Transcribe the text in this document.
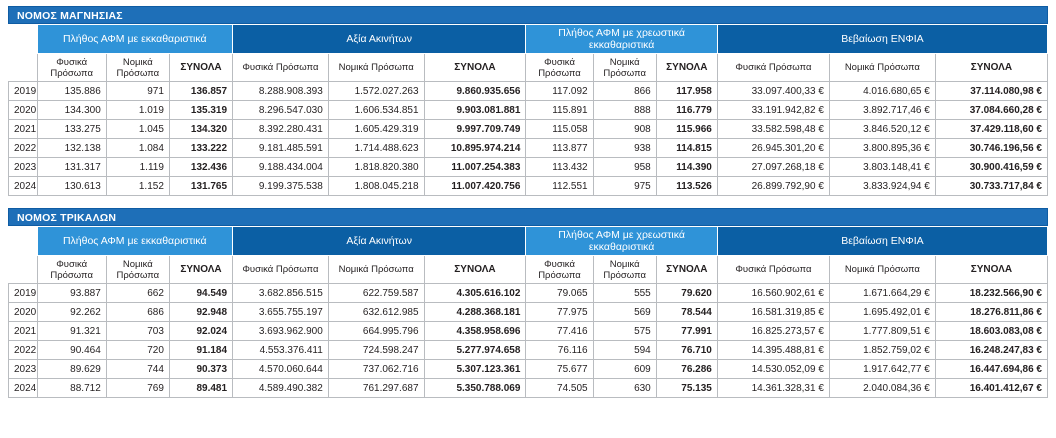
ΝΟΜΟΣ ΜΑΓΝΗΣΙΑΣ
	Πλήθος ΑΦΜ με εκκαθαριστικά			Αξία Ακινήτων			Πλήθος ΑΦΜ με χρεωστικά εκκαθαριστικά			Βεβαίωση ΕΝΦΙΑ		
	Φυσικά Πρόσωπα	Νομικά Πρόσωπα	ΣΥΝΟΛΑ	Φυσικά Πρόσωπα	Νομικά Πρόσωπα	ΣΥΝΟΛΑ	Φυσικά Πρόσωπα	Νομικά Πρόσωπα	ΣΥΝΟΛΑ	Φυσικά Πρόσωπα	Νομικά Πρόσωπα	ΣΥΝΟΛΑ
2019	135.886	971	136.857	8.288.908.393	1.572.027.263	9.860.935.656	117.092	866	117.958	33.097.400,33 €	4.016.680,65 €	37.114.080,98 €
2020	134.300	1.019	135.319	8.296.547.030	1.606.534.851	9.903.081.881	115.891	888	116.779	33.191.942,82 €	3.892.717,46 €	37.084.660,28 €
2021	133.275	1.045	134.320	8.392.280.431	1.605.429.319	9.997.709.749	115.058	908	115.966	33.582.598,48 €	3.846.520,12 €	37.429.118,60 €
2022	132.138	1.084	133.222	9.181.485.591	1.714.488.623	10.895.974.214	113.877	938	114.815	26.945.301,20 €	3.800.895,36 €	30.746.196,56 €
2023	131.317	1.119	132.436	9.188.434.004	1.818.820.380	11.007.254.383	113.432	958	114.390	27.097.268,18 €	3.803.148,41 €	30.900.416,59 €
2024	130.613	1.152	131.765	9.199.375.538	1.808.045.218	11.007.420.756	112.551	975	113.526	26.899.792,90 €	3.833.924,94 €	30.733.717,84 €
ΝΟΜΟΣ ΤΡΙΚΑΛΩΝ
	Πλήθος ΑΦΜ με εκκαθαριστικά			Αξία Ακινήτων			Πλήθος ΑΦΜ με χρεωστικά εκκαθαριστικά			Βεβαίωση ΕΝΦΙΑ		
	Φυσικά Πρόσωπα	Νομικά Πρόσωπα	ΣΥΝΟΛΑ	Φυσικά Πρόσωπα	Νομικά Πρόσωπα	ΣΥΝΟΛΑ	Φυσικά Πρόσωπα	Νομικά Πρόσωπα	ΣΥΝΟΛΑ	Φυσικά Πρόσωπα	Νομικά Πρόσωπα	ΣΥΝΟΛΑ
2019	93.887	662	94.549	3.682.856.515	622.759.587	4.305.616.102	79.065	555	79.620	16.560.902,61 €	1.671.664,29 €	18.232.566,90 €
2020	92.262	686	92.948	3.655.755.197	632.612.985	4.288.368.181	77.975	569	78.544	16.581.319,85 €	1.695.492,01 €	18.276.811,86 €
2021	91.321	703	92.024	3.693.962.900	664.995.796	4.358.958.696	77.416	575	77.991	16.825.273,57 €	1.777.809,51 €	18.603.083,08 €
2022	90.464	720	91.184	4.553.376.411	724.598.247	5.277.974.658	76.116	594	76.710	14.395.488,81 €	1.852.759,02 €	16.248.247,83 €
2023	89.629	744	90.373	4.570.060.644	737.062.716	5.307.123.361	75.677	609	76.286	14.530.052,09 €	1.917.642,77 €	16.447.694,86 €
2024	88.712	769	89.481	4.589.490.382	761.297.687	5.350.788.069	74.505	630	75.135	14.361.328,31 €	2.040.084,36 €	16.401.412,67 €
